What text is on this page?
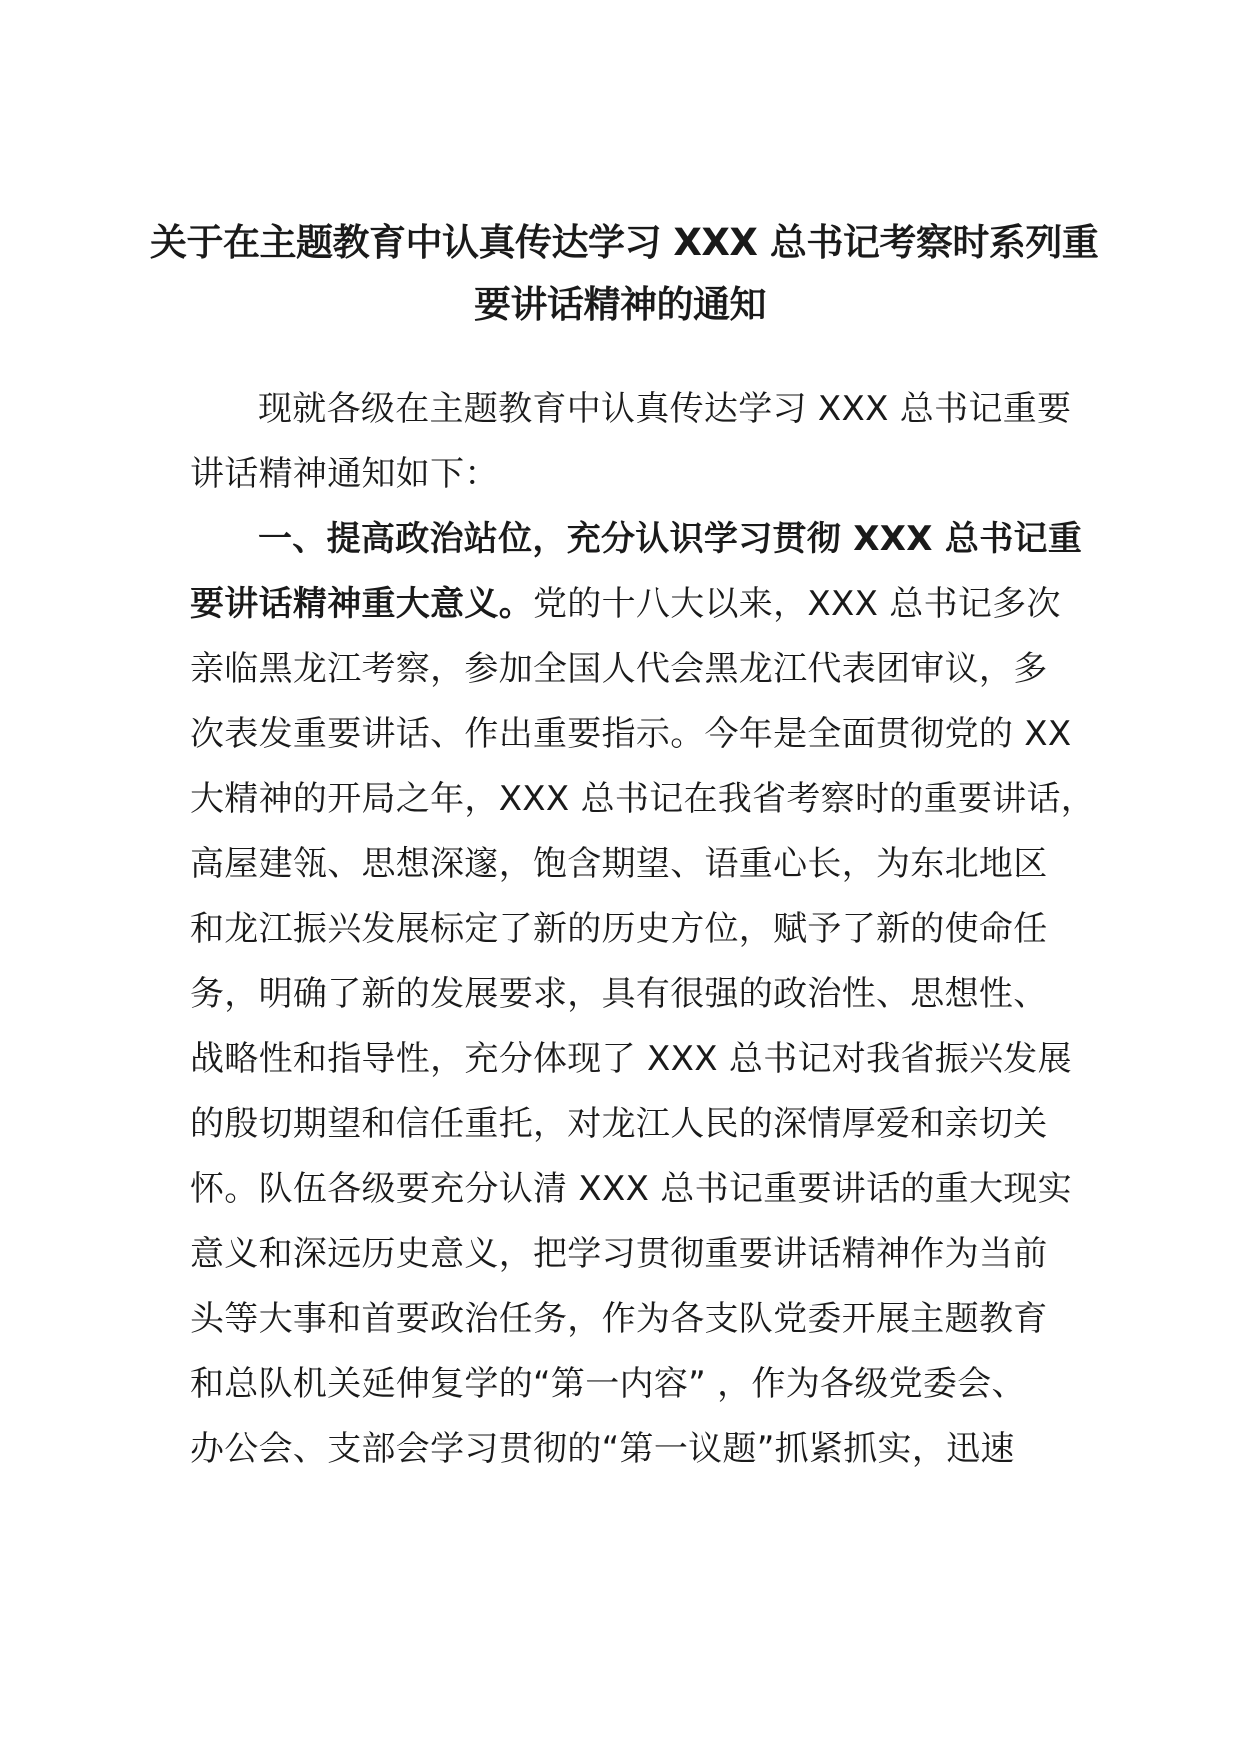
关于在主题教育中认真传达学习 XXX 总书记考察时系列重
要讲话精神的通知
现就各级在主题教育中认真传达学习 XXX 总书记重要
讲话精神通知如下：
一、提高政治站位，充分认识学习贯彻 XXX 总书记重
要讲话精神重大意义。党的十八大以来，XXX 总书记多次
亲临黑龙江考察，参加全国人代会黑龙江代表团审议，多
次表发重要讲话、作出重要指示。今年是全面贯彻党的 XX
大精神的开局之年，XXX 总书记在我省考察时的重要讲话，
高屋建瓴、思想深邃，饱含期望、语重心长，为东北地区
和龙江振兴发展标定了新的历史方位，赋予了新的使命任
务，明确了新的发展要求，具有很强的政治性、思想性、
战略性和指导性，充分体现了 XXX 总书记对我省振兴发展
的殷切期望和信任重托，对龙江人民的深情厚爱和亲切关
怀。队伍各级要充分认清 XXX 总书记重要讲话的重大现实
意义和深远历史意义，把学习贯彻重要讲话精神作为当前
头等大事和首要政治任务，作为各支队党委开展主题教育
和总队机关延伸复学的“第一内容” ，作为各级党委会、
办公会、支部会学习贯彻的“第一议题”抓紧抓实，迅速
